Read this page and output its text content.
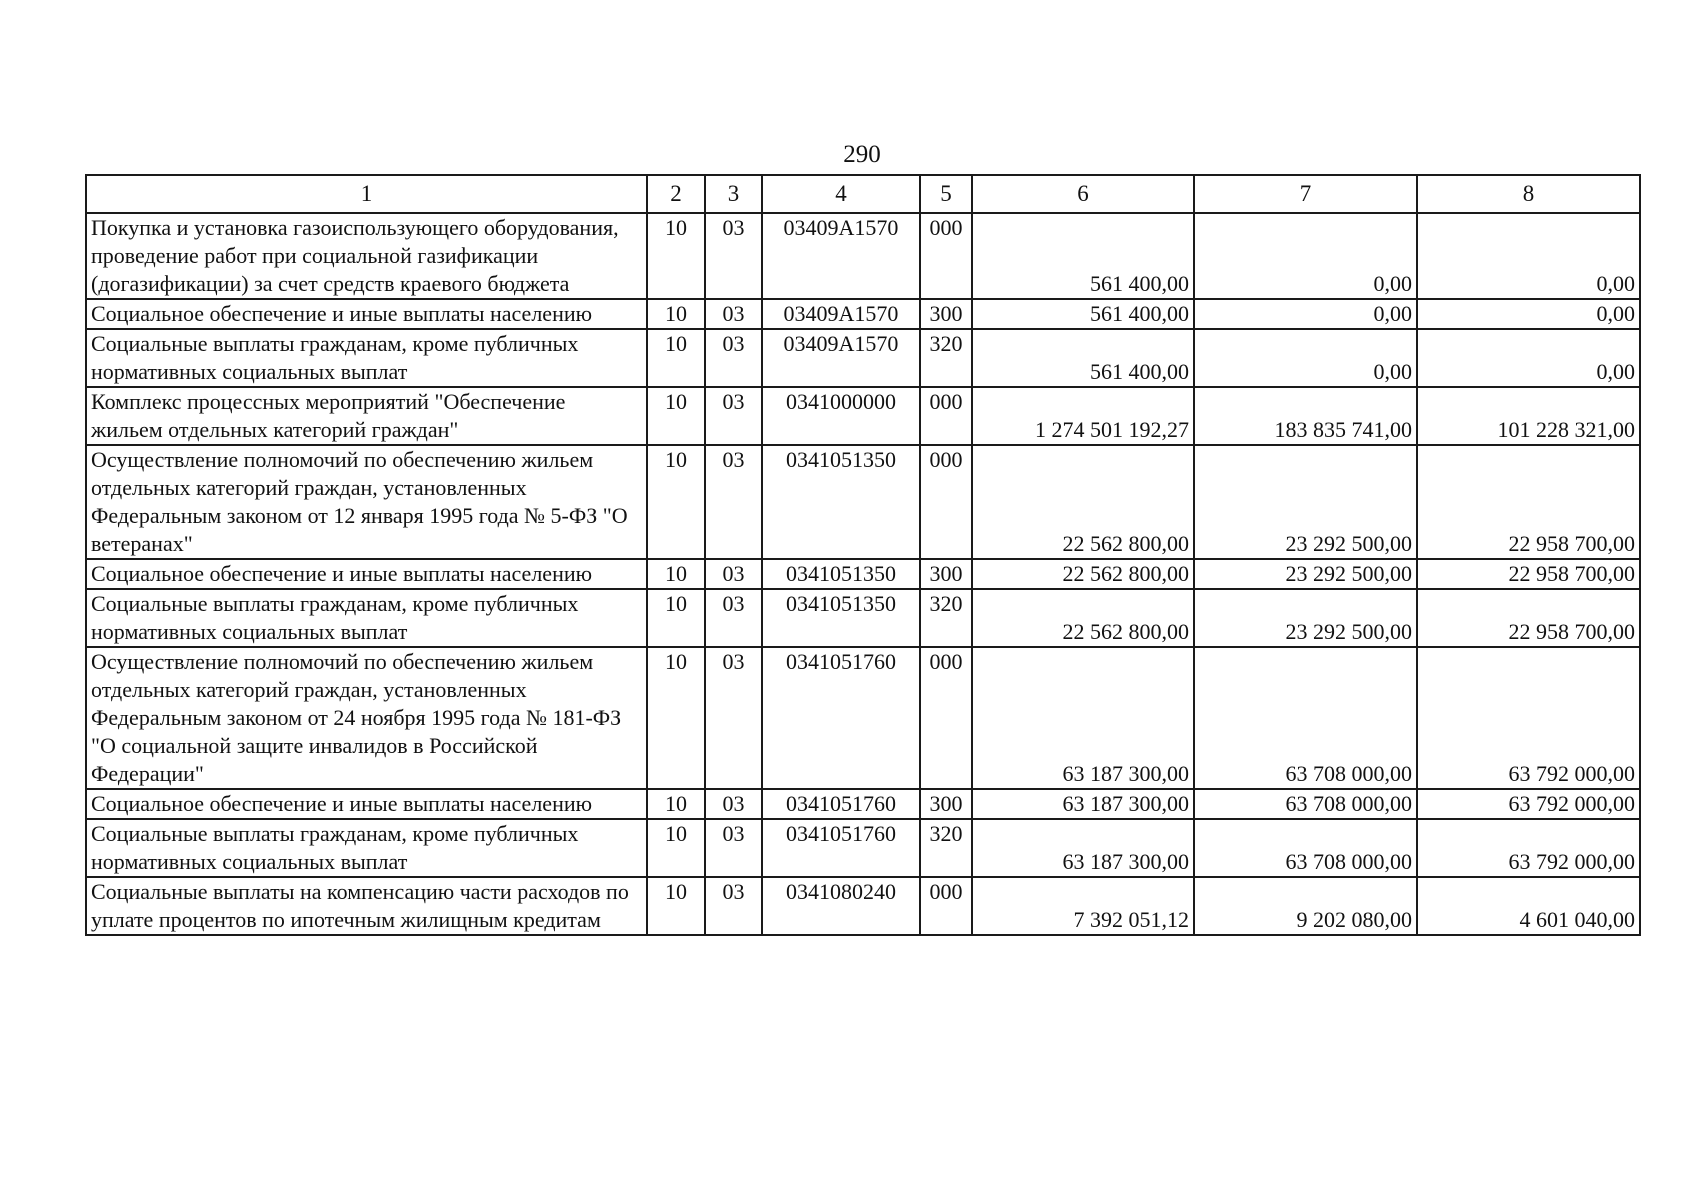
290
1	2	3	4	5	6	7	8
Покупка и установка газоиспользующего оборудования, проведение работ при социальной газификации (догазификации) за счет средств краевого бюджета	10	03	03409А1570	000	561 400,00	0,00	0,00
Социальное обеспечение и иные выплаты населению	10	03	03409А1570	300	561 400,00	0,00	0,00
Социальные выплаты гражданам, кроме публичных нормативных социальных выплат	10	03	03409А1570	320	561 400,00	0,00	0,00
Комплекс процессных мероприятий "Обеспечение жильем отдельных категорий граждан"	10	03	0341000000	000	1 274 501 192,27	183 835 741,00	101 228 321,00
Осуществление полномочий по обеспечению жильем отдельных категорий граждан, установленных Федеральным законом от 12 января 1995 года № 5-ФЗ "О ветеранах"	10	03	0341051350	000	22 562 800,00	23 292 500,00	22 958 700,00
Социальное обеспечение и иные выплаты населению	10	03	0341051350	300	22 562 800,00	23 292 500,00	22 958 700,00
Социальные выплаты гражданам, кроме публичных нормативных социальных выплат	10	03	0341051350	320	22 562 800,00	23 292 500,00	22 958 700,00
Осуществление полномочий по обеспечению жильем отдельных категорий граждан, установленных Федеральным законом от 24 ноября 1995 года № 181-ФЗ "О социальной защите инвалидов в Российской Федерации"	10	03	0341051760	000	63 187 300,00	63 708 000,00	63 792 000,00
Социальное обеспечение и иные выплаты населению	10	03	0341051760	300	63 187 300,00	63 708 000,00	63 792 000,00
Социальные выплаты гражданам, кроме публичных нормативных социальных выплат	10	03	0341051760	320	63 187 300,00	63 708 000,00	63 792 000,00
Социальные выплаты на компенсацию части расходов по уплате процентов по ипотечным жилищным кредитам	10	03	0341080240	000	7 392 051,12	9 202 080,00	4 601 040,00
